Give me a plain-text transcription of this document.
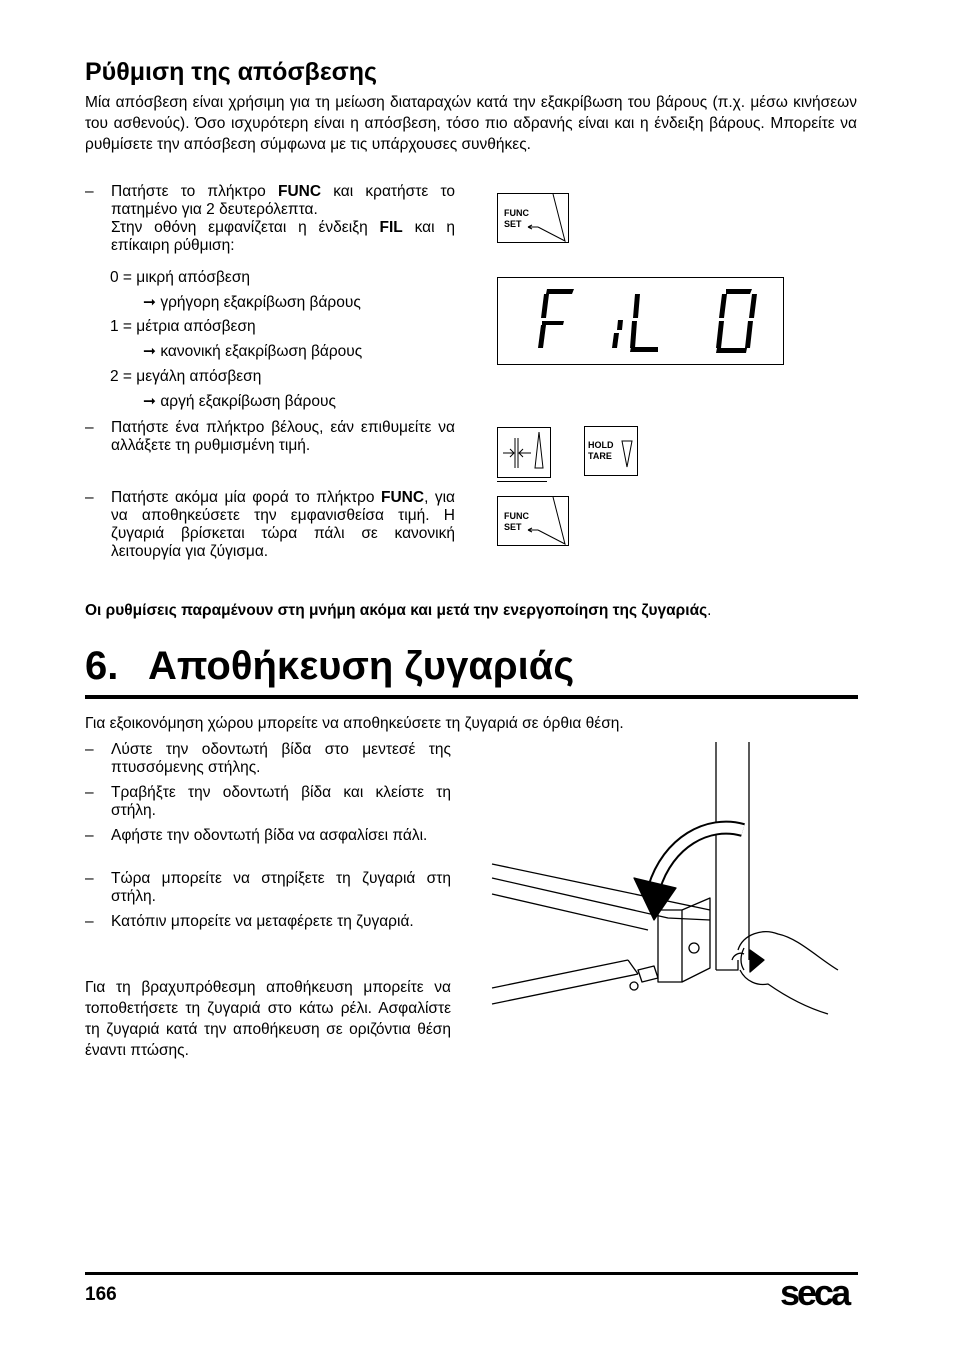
Ρύθμιση της απόσβεσης

Μία απόσβεση είναι χρήσιμη για τη μείωση διαταραχών κατά την εξακρίβωση του βάρους (π.χ. μέσω κινήσεων του ασθενούς). Όσο ισχυρότερη είναι η απόσβεση, τόσο πιο αδρανής είναι και η ένδειξη βάρους. Μπορείτε να ρυθμίσετε την απόσβεση σύμφωνα με τις υπάρχουσες συνθήκες.

– Πατήστε το πλήκτρο FUNC και κρατήστε το πατημένο για 2 δευτερόλεπτα.
Στην οθόνη εμφανίζεται η ένδειξη FIL και η επίκαιρη ρύθμιση:
0 = μικρή απόσβεση
➞ γρήγορη εξακρίβωση βάρους
1 = μέτρια απόσβεση
➞ κανονική εξακρίβωση βάρους
2 = μεγάλη απόσβεση
➞ αργή εξακρίβωση βάρους
– Πατήστε ένα πλήκτρο βέλους, εάν επιθυμείτε να αλλάξετε τη ρυθμισμένη τιμή.
– Πατήστε ακόμα μία φορά το πλήκτρο FUNC, για να αποθηκεύσετε την εμφανισθείσα τιμή. Η ζυγαριά βρίσκεται τώρα πάλι σε κανονική λειτουργία για ζύγισμα.
FUNC
SET
HOLD
TARE
FUNC
SET
Οι ρυθμίσεις παραμένουν στη μνήμη ακόμα και μετά την ενεργοποίηση της ζυγαριάς.
6. Αποθήκευση ζυγαριάς

Για εξοικονόμηση χώρου μπορείτε να αποθηκεύσετε τη ζυγαριά σε όρθια θέση.

– Λύστε την οδοντωτή βίδα στο μεντεσέ της πτυσσόμενης στήλης.
– Τραβήξτε την οδοντωτή βίδα και κλείστε τη στήλη.
– Αφήστε την οδοντωτή βίδα να ασφαλίσει πάλι.
– Τώρα μπορείτε να στηρίξετε τη ζυγαριά στη στήλη.
– Κατόπιν μπορείτε να μεταφέρετε τη ζυγαριά.

Για τη βραχυπρόθεσμη αποθήκευση μπορείτε να τοποθετήσετε τη ζυγαριά στο κάτω ρέλι. Ασφαλίστε τη ζυγαριά κατά την αποθήκευση σε οριζόντια θέση έναντι πτώσης.

166	seca
